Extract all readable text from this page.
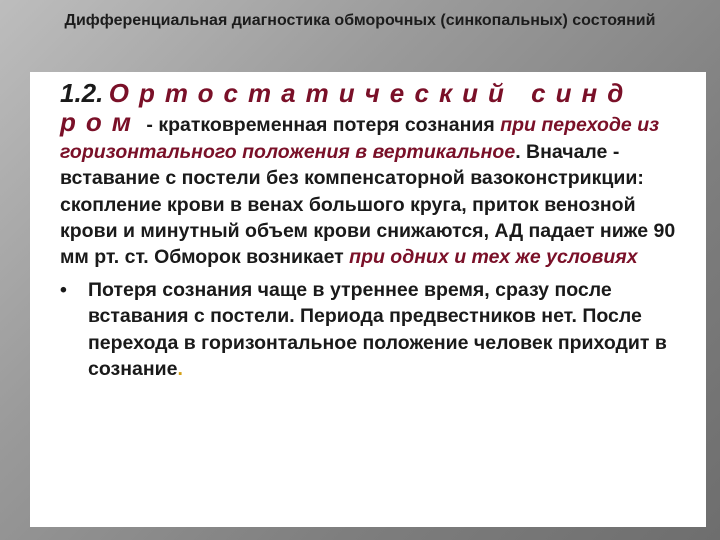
Дифференциальная диагностика обморочных (синкопальных) состояний
1.2. Ортостатический синд
ром - кратковременная потеря сознания при переходе из горизонтального положения в вертикальное. Вначале - вставание с постели без компенсаторной вазоконстрикции: скопление крови в венах большого круга, приток венозной крови и минутный объем крови снижаются, АД падает ниже 90 мм рт. ст. Обморок возникает при одних и тех же условиях
• Потеря сознания чаще в утреннее время, сразу после вставания с постели. Периода предвестников нет. После перехода в горизонтальное положение человек приходит в сознание.
